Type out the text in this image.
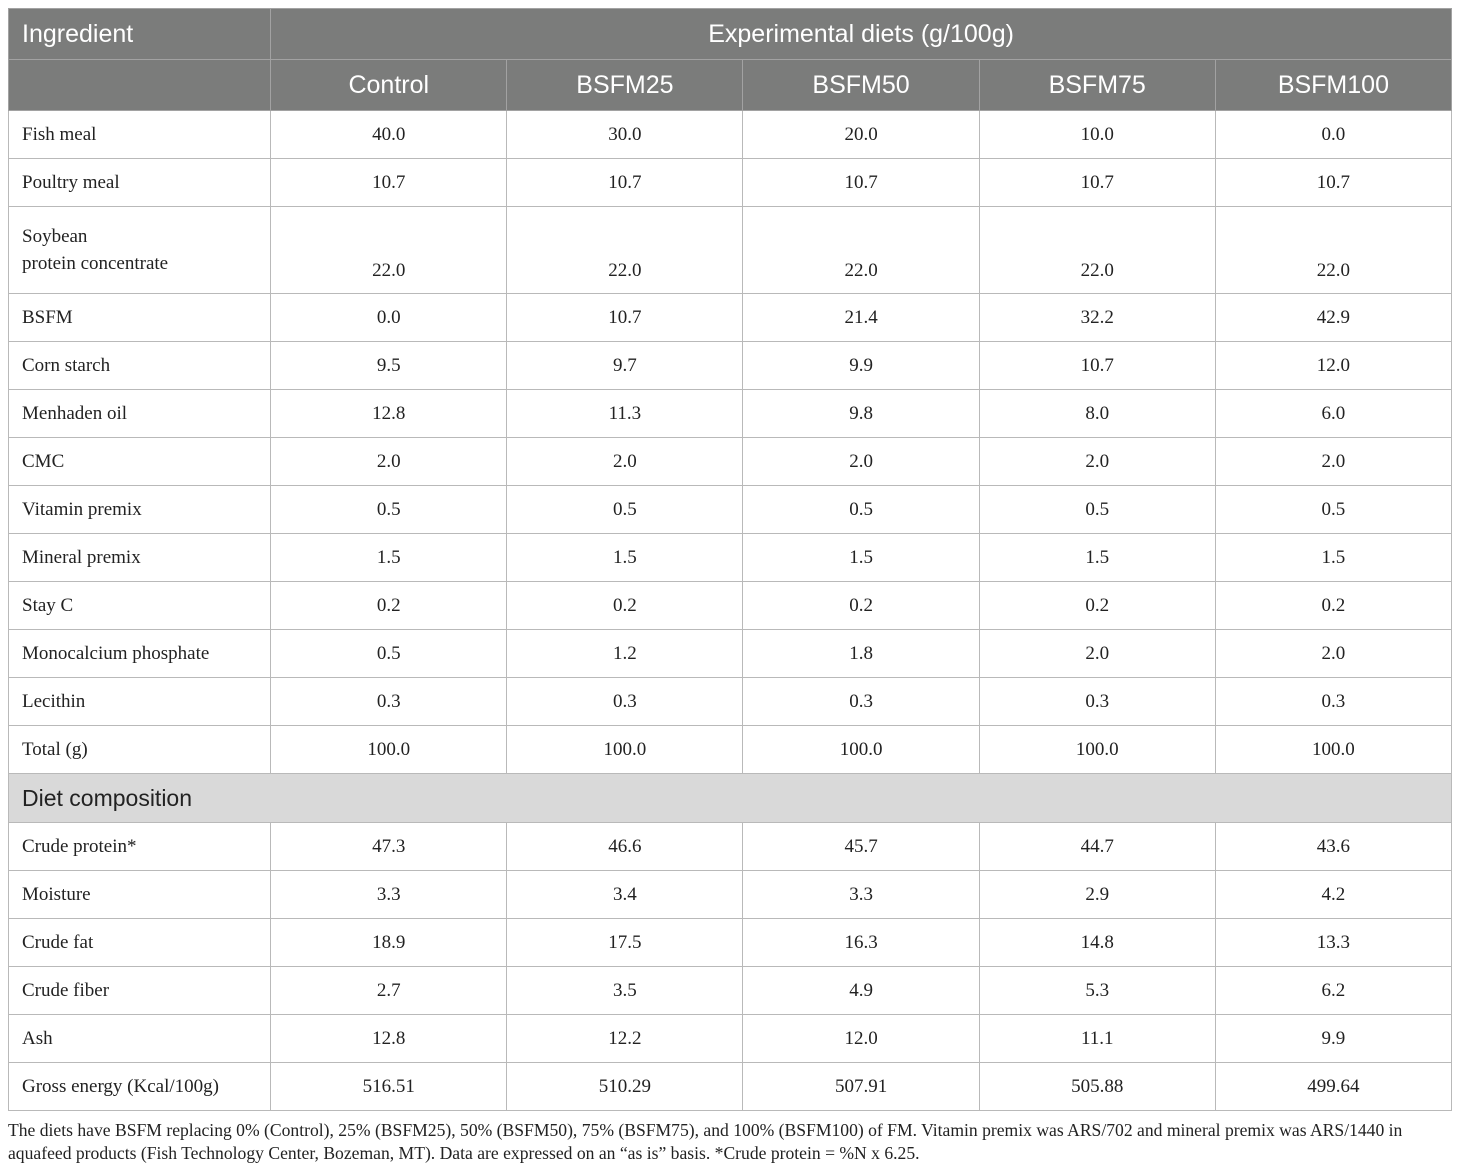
Ingredient	Experimental diets (g/100g)				
	Control	BSFM25	BSFM50	BSFM75	BSFM100
Fish meal	40.0	30.0	20.0	10.0	0.0
Poultry meal	10.7	10.7	10.7	10.7	10.7
Soybean
protein concentrate	22.0	22.0	22.0	22.0	22.0
BSFM	0.0	10.7	21.4	32.2	42.9
Corn starch	9.5	9.7	9.9	10.7	12.0
Menhaden oil	12.8	11.3	9.8	8.0	6.0
CMC	2.0	2.0	2.0	2.0	2.0
Vitamin premix	0.5	0.5	0.5	0.5	0.5
Mineral premix	1.5	1.5	1.5	1.5	1.5
Stay C	0.2	0.2	0.2	0.2	0.2
Monocalcium phosphate	0.5	1.2	1.8	2.0	2.0
Lecithin	0.3	0.3	0.3	0.3	0.3
Total (g)	100.0	100.0	100.0	100.0	100.0
Diet composition					
Crude protein*	47.3	46.6	45.7	44.7	43.6
Moisture	3.3	3.4	3.3	2.9	4.2
Crude fat	18.9	17.5	16.3	14.8	13.3
Crude fiber	2.7	3.5	4.9	5.3	6.2
Ash	12.8	12.2	12.0	11.1	9.9
Gross energy (Kcal/100g)	516.51	510.29	507.91	505.88	499.64
The diets have BSFM replacing 0% (Control), 25% (BSFM25), 50% (BSFM50), 75% (BSFM75), and 100% (BSFM100) of FM. Vitamin premix was ARS/702 and mineral premix was ARS/1440 in aquafeed products (Fish Technology Center, Bozeman, MT). Data are expressed on an “as is” basis. *Crude protein = %N x 6.25.
